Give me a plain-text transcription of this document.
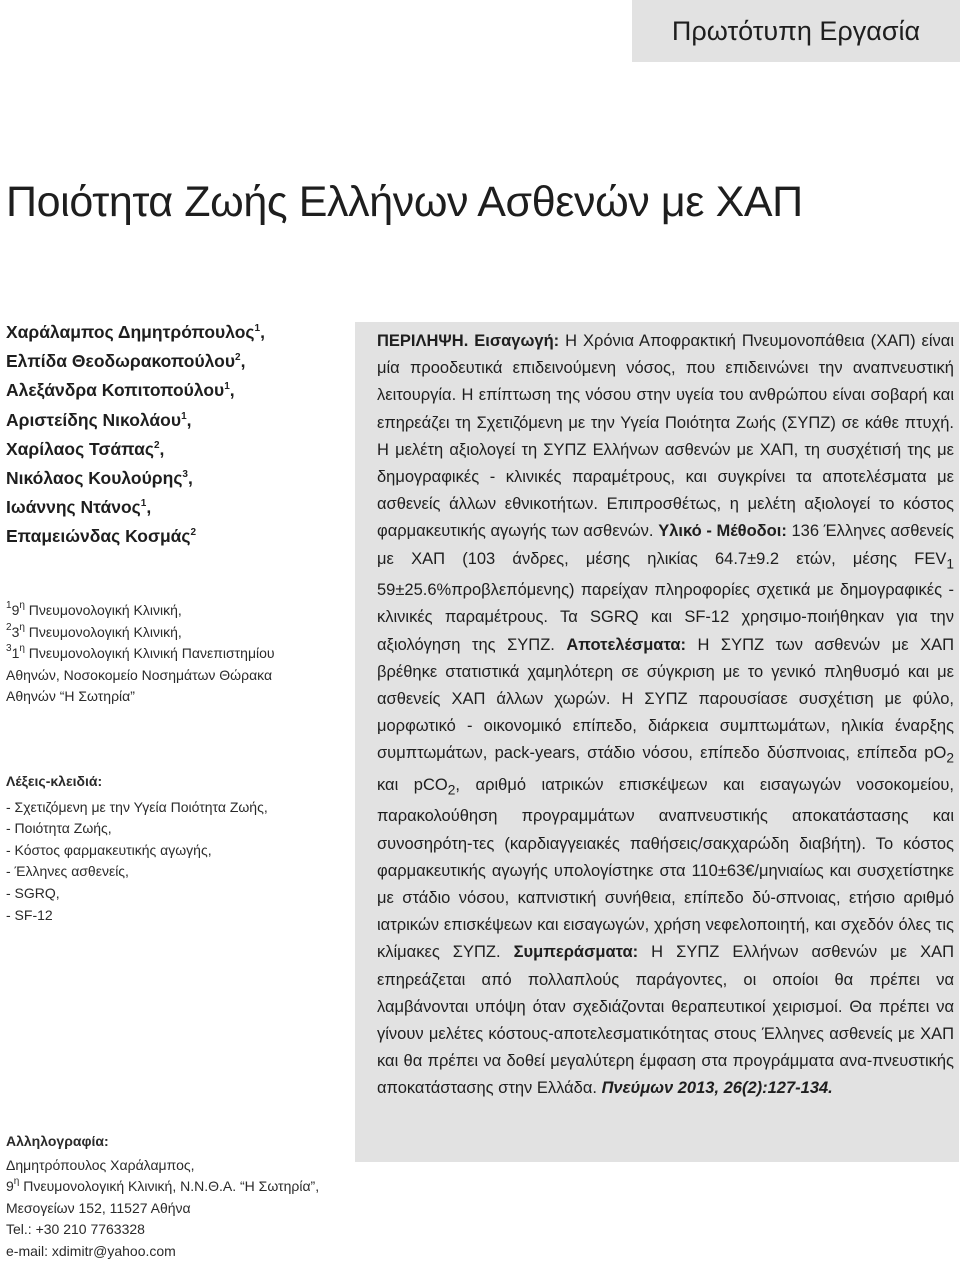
Πρωτότυπη Εργασία
Ποιότητα Ζωής Ελλήνων Ασθενών με ΧΑΠ
Χαράλαμπος Δημητρόπουλος$^1$,
Ελπίδα Θεοδωρακοπούλου$^2$,
Αλεξάνδρα Κοπιτοπούλου$^1$,
Αριστείδης Νικολάου$^1$,
Χαρίλαος Τσάπας$^2$,
Νικόλαος Κουλούρης$^3$,
Ιωάννης Ντάνος$^1$,
Επαμειώνδας Κοσμάς$^2$
$^19^\eta$ Πνευμονολογική Κλινική,
$^23^\eta$ Πνευμονολογική Κλινική,
$^31^\eta$ Πνευμονολογική Κλινική Πανεπιστημίου
Αθηνών, Νοσοκομείο Νοσημάτων Θώρακα
Αθηνών “Η Σωτηρία”
Λέξεις-κλειδιά:
- Σχετιζόμενη με την Υγεία Ποιότητα Ζωής,
- Ποιότητα Ζωής,
- Κόστος φαρμακευτικής αγωγής,
- Έλληνες ασθενείς,
- SGRQ,
- SF-12
Αλληλογραφία:
Δημητρόπουλος Χαράλαμπος,
$9^\eta$ Πνευμονολογική Κλινική, Ν.Ν.Θ.Α. “Η Σωτηρία”,
Μεσογείων 152, 11527 Αθήνα
Tel.: +30 210 7763328
e-mail: xdimitr@yahoo.com

ΠΕΡΙΛΗΨΗ. Εισαγωγή: Η Χρόνια Αποφρακτική Πνευμονοπάθεια (ΧΑΠ) είναι μία προοδευτικά επιδεινούμενη νόσος, που επιδεινώνει την αναπνευστική λειτουργία. Η επίπτωση της νόσου στην υγεία του ανθρώπου είναι σοβαρή και επηρεάζει τη Σχετιζόμενη με την Υγεία Ποιότητα Ζωής (ΣΥΠΖ) σε κάθε πτυχή. Η μελέτη αξιολογεί τη ΣΥΠΖ Ελλήνων ασθενών με ΧΑΠ, τη συσχέτισή της με δημογραφικές - κλινικές παραμέτρους, και συγκρίνει τα αποτελέσματα με ασθενείς άλλων εθνικοτήτων. Επιπροσθέτως, η μελέτη αξιολογεί το κόστος φαρμακευτικής αγωγής των ασθενών. Υλικό - Μέθοδοι: 136 Έλληνες ασθενείς με ΧΑΠ (103 άνδρες, μέσης ηλικίας 64.7±9.2 ετών, μέσης $FEV_1$ 59±25.6%προβλεπόμενης) παρείχαν πληροφορίες σχετικά με δημογραφικές - κλινικές παραμέτρους. Τα SGRQ και SF-12 χρησιμο-ποιήθηκαν για την αξιολόγηση της ΣΥΠΖ. Αποτελέσματα: Η ΣΥΠΖ των ασθενών με ΧΑΠ βρέθηκε στατιστικά χαμηλότερη σε σύγκριση με το γενικό πληθυσμό και με ασθενείς ΧΑΠ άλλων χωρών. Η ΣΥΠΖ παρουσίασε συσχέτιση με φύλο, μορφωτικό - οικονομικό επίπεδο, διάρκεια συμπτωμάτων, ηλικία έναρξης συμπτωμάτων, pack-years, στάδιο νόσου, επίπεδο δύσπνοιας, επίπεδα $pO_2$ και pCO$_2$, αριθμό ιατρικών επισκέψεων και εισαγωγών νοσοκομείου, παρακολούθηση προγραμμάτων αναπνευστικής αποκατάστασης και συνοσηρότη-τες (καρδιαγγειακές παθήσεις/σακχαρώδη διαβήτη). Το κόστος φαρμακευτικής αγωγής υπολογίστηκε στα 110±63€/μηνιαίως και συσχετίστηκε με στάδιο νόσου, καπνιστική συνήθεια, επίπεδο δύ-σπνοιας, ετήσιο αριθμό ιατρικών επισκέψεων και εισαγωγών, χρήση νεφελοποιητή, και σχεδόν όλες τις κλίμακες ΣΥΠΖ. Συμπεράσματα: Η ΣΥΠΖ Ελλήνων ασθενών με ΧΑΠ επηρεάζεται από πολλαπλούς παράγοντες, οι οποίοι θα πρέπει να λαμβάνονται υπόψη όταν σχεδιάζονται θεραπευτικοί χειρισμοί. Θα πρέπει να γίνουν μελέτες κόστους-αποτελεσματικότητας στους Έλληνες ασθενείς με ΧΑΠ και θα πρέπει να δοθεί μεγαλύτερη έμφαση στα προγράμματα ανα-πνευστικής αποκατάστασης στην Ελλάδα. Πνεύμων 2013, 26(2):127-134.
